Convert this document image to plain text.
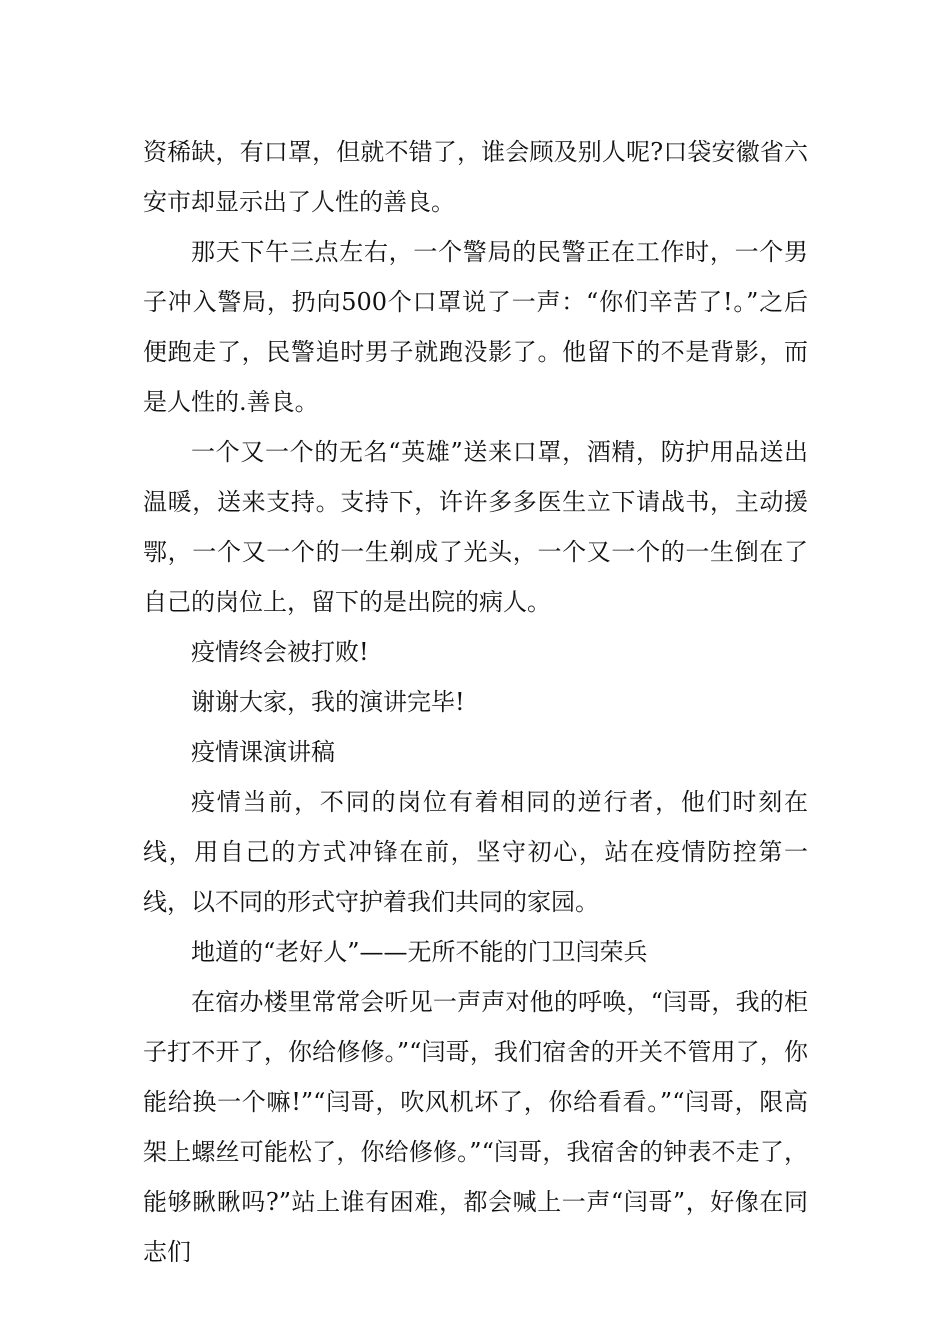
资稀缺，有口罩，但就不错了，谁会顾及别人呢?口袋安徽省六安市却显示出了人性的善良。

那天下午三点左右，一个警局的民警正在工作时，一个男子冲入警局，扔向500个口罩说了一声：“你们辛苦了!。”之后便跑走了，民警追时男子就跑没影了。他留下的不是背影，而是人性的.善良。

一个又一个的无名“英雄”送来口罩，酒精，防护用品送出温暖，送来支持。支持下，许许多多医生立下请战书，主动援鄂，一个又一个的一生剃成了光头，一个又一个的一生倒在了自己的岗位上，留下的是出院的病人。

疫情终会被打败!

谢谢大家，我的演讲完毕!

疫情课演讲稿

疫情当前，不同的岗位有着相同的逆行者，他们时刻在线，用自己的方式冲锋在前，坚守初心，站在疫情防控第一线，以不同的形式守护着我们共同的家园。

地道的“老好人”——无所不能的门卫闫荣兵

在宿办楼里常常会听见一声声对他的呼唤，“闫哥，我的柜子打不开了，你给修修。”“闫哥，我们宿舍的开关不管用了，你能给换一个嘛!”“闫哥，吹风机坏了，你给看看。”“闫哥，限高架上螺丝可能松了，你给修修。”“闫哥，我宿舍的钟表不走了，能够瞅瞅吗?”站上谁有困难，都会喊上一声“闫哥”，好像在同志们
